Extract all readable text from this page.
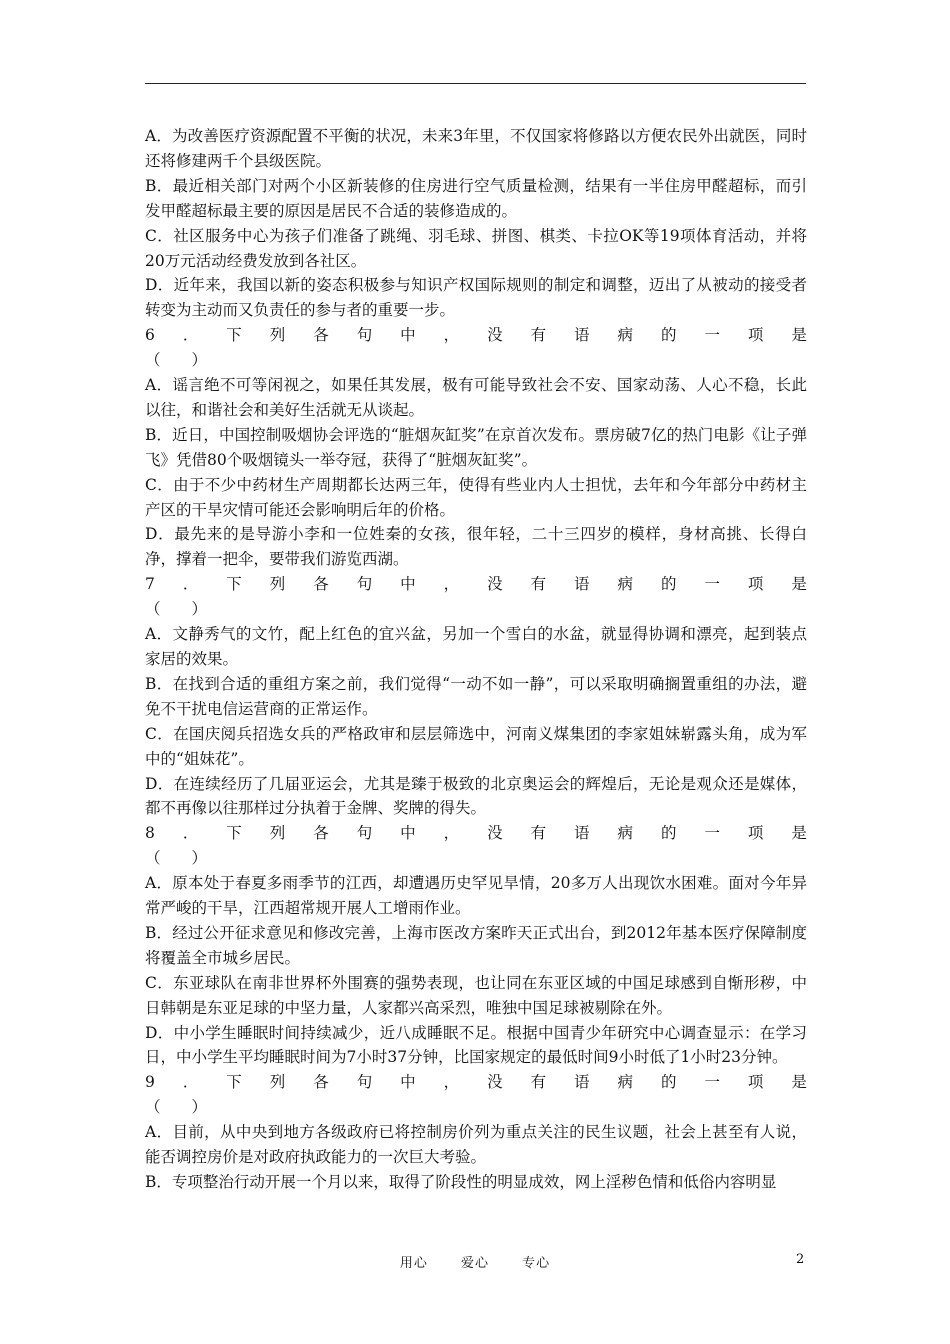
A．为改善医疗资源配置不平衡的状况，未来3年里，不仅国家将修路以方便农民外出就医，同时还将修建两千个县级医院。

B．最近相关部门对两个小区新装修的住房进行空气质量检测，结果有一半住房甲醛超标，而引发甲醛超标最主要的原因是居民不合适的装修造成的。

C．社区服务中心为孩子们准备了跳绳、羽毛球、拼图、棋类、卡拉OK等19项体育活动，并将20万元活动经费发放到各社区。

D．近年来，我国以新的姿态积极参与知识产权国际规则的制定和调整，迈出了从被动的接受者转变为主动而又负责任的参与者的重要一步。

6 ． 下 列 各 句 中 ， 没 有 语 病 的 一 项 是

（　　）

A．谣言绝不可等闲视之，如果任其发展，极有可能导致社会不安、国家动荡、人心不稳，长此以往，和谐社会和美好生活就无从谈起。

B．近日，中国控制吸烟协会评选的“脏烟灰缸奖”在京首次发布。票房破7亿的热门电影《让子弹飞》凭借80个吸烟镜头一举夺冠，获得了“脏烟灰缸奖”。

C．由于不少中药材生产周期都长达两三年，使得有些业内人士担忧，去年和今年部分中药材主产区的干旱灾情可能还会影响明后年的价格。

D．最先来的是导游小李和一位姓秦的女孩，很年轻，二十三四岁的模样，身材高挑、长得白净，撑着一把伞，要带我们游览西湖。

7 ． 下 列 各 句 中 ， 没 有 语 病 的 一 项 是

（　　）

A．文静秀气的文竹，配上红色的宜兴盆，另加一个雪白的水盆，就显得协调和漂亮，起到装点家居的效果。

B．在找到合适的重组方案之前，我们觉得“一动不如一静”，可以采取明确搁置重组的办法，避免不干扰电信运营商的正常运作。

C．在国庆阅兵招选女兵的严格政审和层层筛选中，河南义煤集团的李家姐妹崭露头角，成为军中的“姐妹花”。

D．在连续经历了几届亚运会，尤其是臻于极致的北京奥运会的辉煌后，无论是观众还是媒体，都不再像以往那样过分执着于金牌、奖牌的得失。

8 ． 下 列 各 句 中 ， 没 有 语 病 的 一 项 是

（　　）

A．原本处于春夏多雨季节的江西，却遭遇历史罕见旱情，20多万人出现饮水困难。面对今年异常严峻的干旱，江西超常规开展人工增雨作业。

B．经过公开征求意见和修改完善，上海市医改方案昨天正式出台，到2012年基本医疗保障制度将覆盖全市城乡居民。

C．东亚球队在南非世界杯外围赛的强势表现，也让同在东亚区域的中国足球感到自惭形秽，中日韩朝是东亚足球的中坚力量，人家都兴高采烈，唯独中国足球被剔除在外。

D．中小学生睡眠时间持续减少，近八成睡眠不足。根据中国青少年研究中心调查显示：在学习日，中小学生平均睡眠时间为7小时37分钟，比国家规定的最低时间9小时低了1小时23分钟。

9 ． 下 列 各 句 中 ， 没 有 语 病 的 一 项 是

（　　）

A．目前，从中央到地方各级政府已将控制房价列为重点关注的民生议题，社会上甚至有人说，能否调控房价是对政府执政能力的一次巨大考验。

B．专项整治行动开展一个月以来，取得了阶段性的明显成效，网上淫秽色情和低俗内容明显

用心	爱心	专心	2
